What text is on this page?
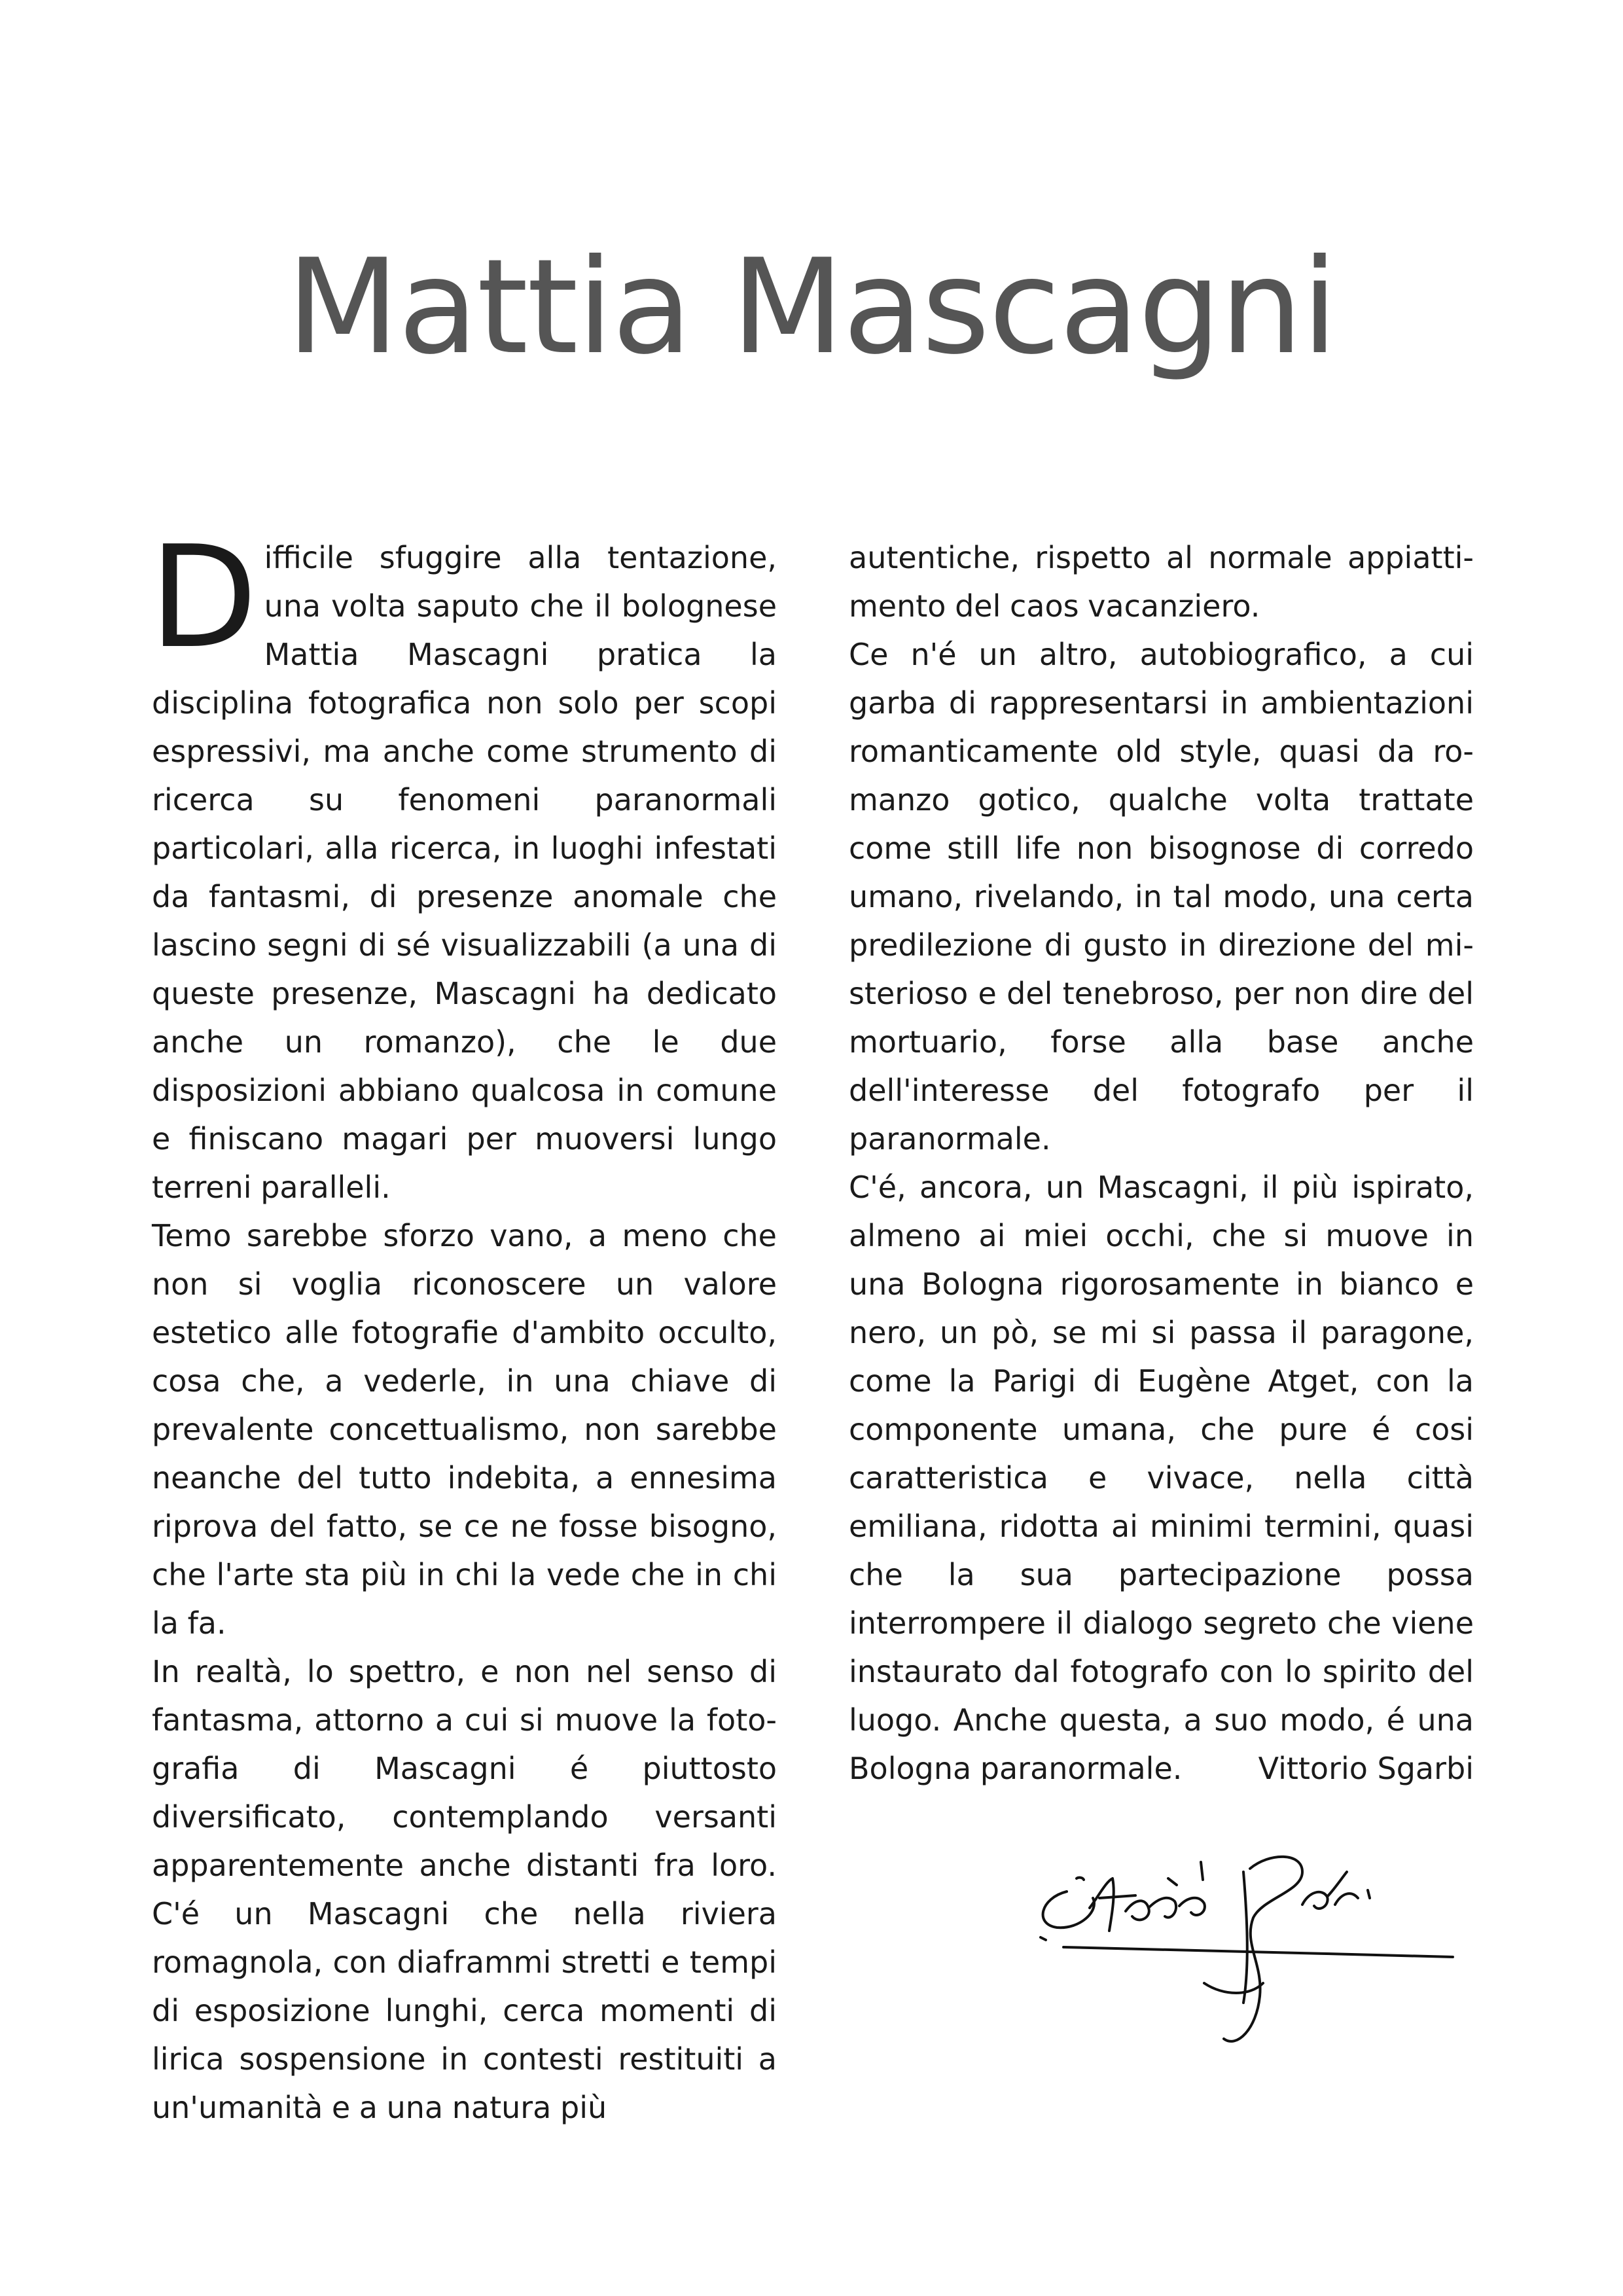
Mattia Mascagni

Difficile sfuggire alla tentazione, una volta saputo che il bolognese Mattia Mascagni pratica la disciplina fotografica non solo per scopi espressivi, ma anche come strumento di ricerca su fenomeni paranormali particolari, alla ricerca, in luoghi infestati da fantasmi, di presenze anomale che lascino segni di sé visualizzabili (a una di queste presenze, Mascagni ha dedicato anche un romanzo), che le due disposizioni abbiano qualcosa in comune e finiscano magari per muoversi lungo terreni paralleli.

Temo sarebbe sforzo vano, a meno che non si voglia riconoscere un valore estetico alle fotografie d'ambito occulto, cosa che, a vederle, in una chiave di prevalente concettualismo, non sarebbe neanche del tutto indebita, a ennesima riprova del fatto, se ce ne fosse bisogno, che l'arte sta più in chi la vede che in chi la fa.

In realtà, lo spettro, e non nel senso di fantasma, attorno a cui si muove la fotografia di Mascagni é piuttosto diversificato, contemplando versanti apparentemente anche distanti fra loro. C'é un Mascagni che nella riviera romagnola, con diaframmi stretti e tempi di esposizione lunghi, cerca momenti di lirica sospensione in contesti restituiti a un'umanità e a una natura più

autentiche, rispetto al normale appiattimento del caos vacanziero.

Ce n'é un altro, autobiografico, a cui garba di rappresentarsi in ambientazioni romanticamente old style, quasi da romanzo gotico, qualche volta trattate come still life non bisognose di corredo umano, rivelando, in tal modo, una certa predilezione di gusto in direzione del misterioso e del tenebroso, per non dire del mortuario, forse alla base anche dell'interesse del fotografo per il paranormale.

C'é, ancora, un Mascagni, il più ispirato, almeno ai miei occhi, che si muove in una Bologna rigorosamente in bianco e nero, un pò, se mi si passa il paragone, come la Parigi di Eugène Atget, con la componente umana, che pure é cosi caratteristica e vivace, nella città emiliana, ridotta ai minimi termini, quasi che la sua partecipazione possa interrompere il dialogo segreto che viene instaurato dal fotografo con lo spirito del luogo. Anche questa, a suo modo, é una Bologna paranormale.	Vittorio Sgarbi
